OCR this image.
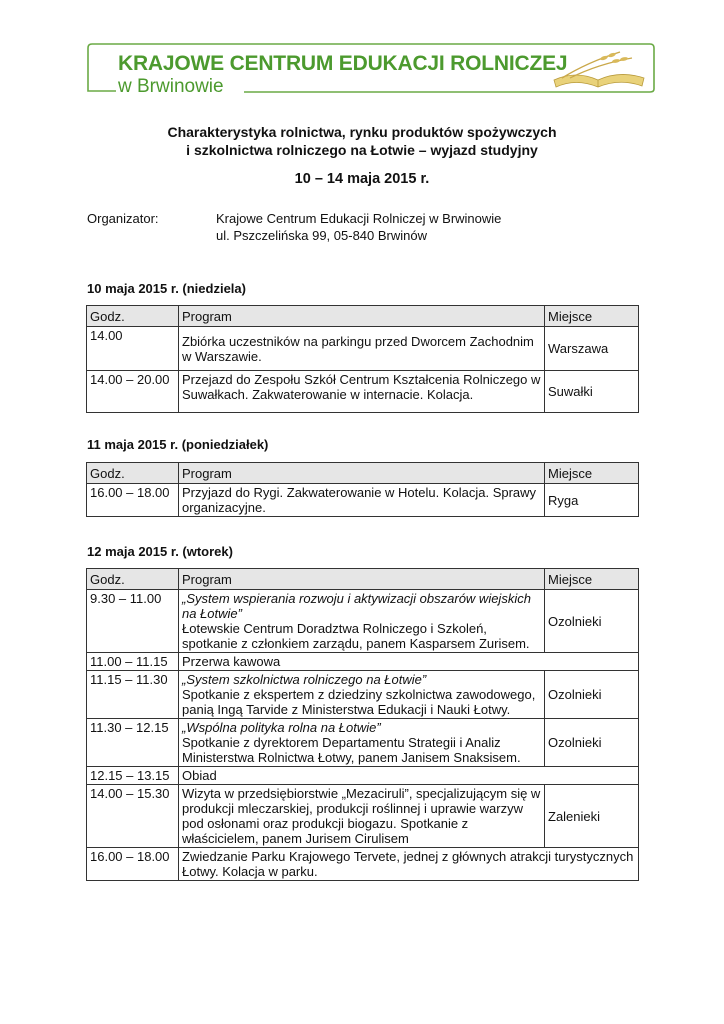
KRAJOWE CENTRUM EDUKACJI ROLNICZEJ
w Brwinowie
Charakterystyka rolnictwa, rynku produktów spożywczych
i szkolnictwa rolniczego na Łotwie – wyjazd studyjny
10 – 14 maja 2015 r.
Organizator:	Krajowe Centrum Edukacji Rolniczej w Brwinowie
ul. Pszczelińska 99, 05-840 Brwinów
10 maja 2015 r. (niedziela)
Godz.	Program	Miejsce
14.00	Zbiórka uczestników na parkingu przed Dworcem Zachodnim w Warszawie.	Warszawa
14.00 – 20.00	Przejazd do Zespołu Szkół Centrum Kształcenia Rolniczego w Suwałkach. Zakwaterowanie w internacie. Kolacja.	Suwałki
11 maja 2015 r. (poniedziałek)
Godz.	Program	Miejsce
16.00 – 18.00	Przyjazd do Rygi. Zakwaterowanie w Hotelu. Kolacja. Sprawy organizacyjne.	Ryga
12 maja 2015 r. (wtorek)
Godz.	Program	Miejsce
9.30 – 11.00	„System wspierania rozwoju i aktywizacji obszarów wiejskich na Łotwie”
Łotewskie Centrum Doradztwa Rolniczego i Szkoleń, spotkanie z członkiem zarządu, panem Kasparsem Zurisem.	Ozolnieki
11.00 – 11.15	Przerwa kawowa	
11.15 – 11.30	„System szkolnictwa rolniczego na Łotwie”
Spotkanie z ekspertem z dziedziny szkolnictwa zawodowego, panią Ingą Tarvide z Ministerstwa Edukacji i Nauki Łotwy.	Ozolnieki
11.30 – 12.15	„Wspólna polityka rolna na Łotwie”
Spotkanie z dyrektorem Departamentu Strategii i Analiz Ministerstwa Rolnictwa Łotwy, panem Janisem Snaksisem.	Ozolnieki
12.15 – 13.15	Obiad	
14.00 – 15.30	Wizyta w przedsiębiorstwie „Mezaciruli”, specjalizującym się w produkcji mleczarskiej, produkcji roślinnej i uprawie warzyw pod osłonami oraz produkcji biogazu. Spotkanie z właścicielem, panem Jurisem Cirulisem	Zalenieki
16.00 – 18.00	Zwiedzanie Parku Krajowego Tervete, jednej z głównych atrakcji turystycznych Łotwy. Kolacja w parku.	
